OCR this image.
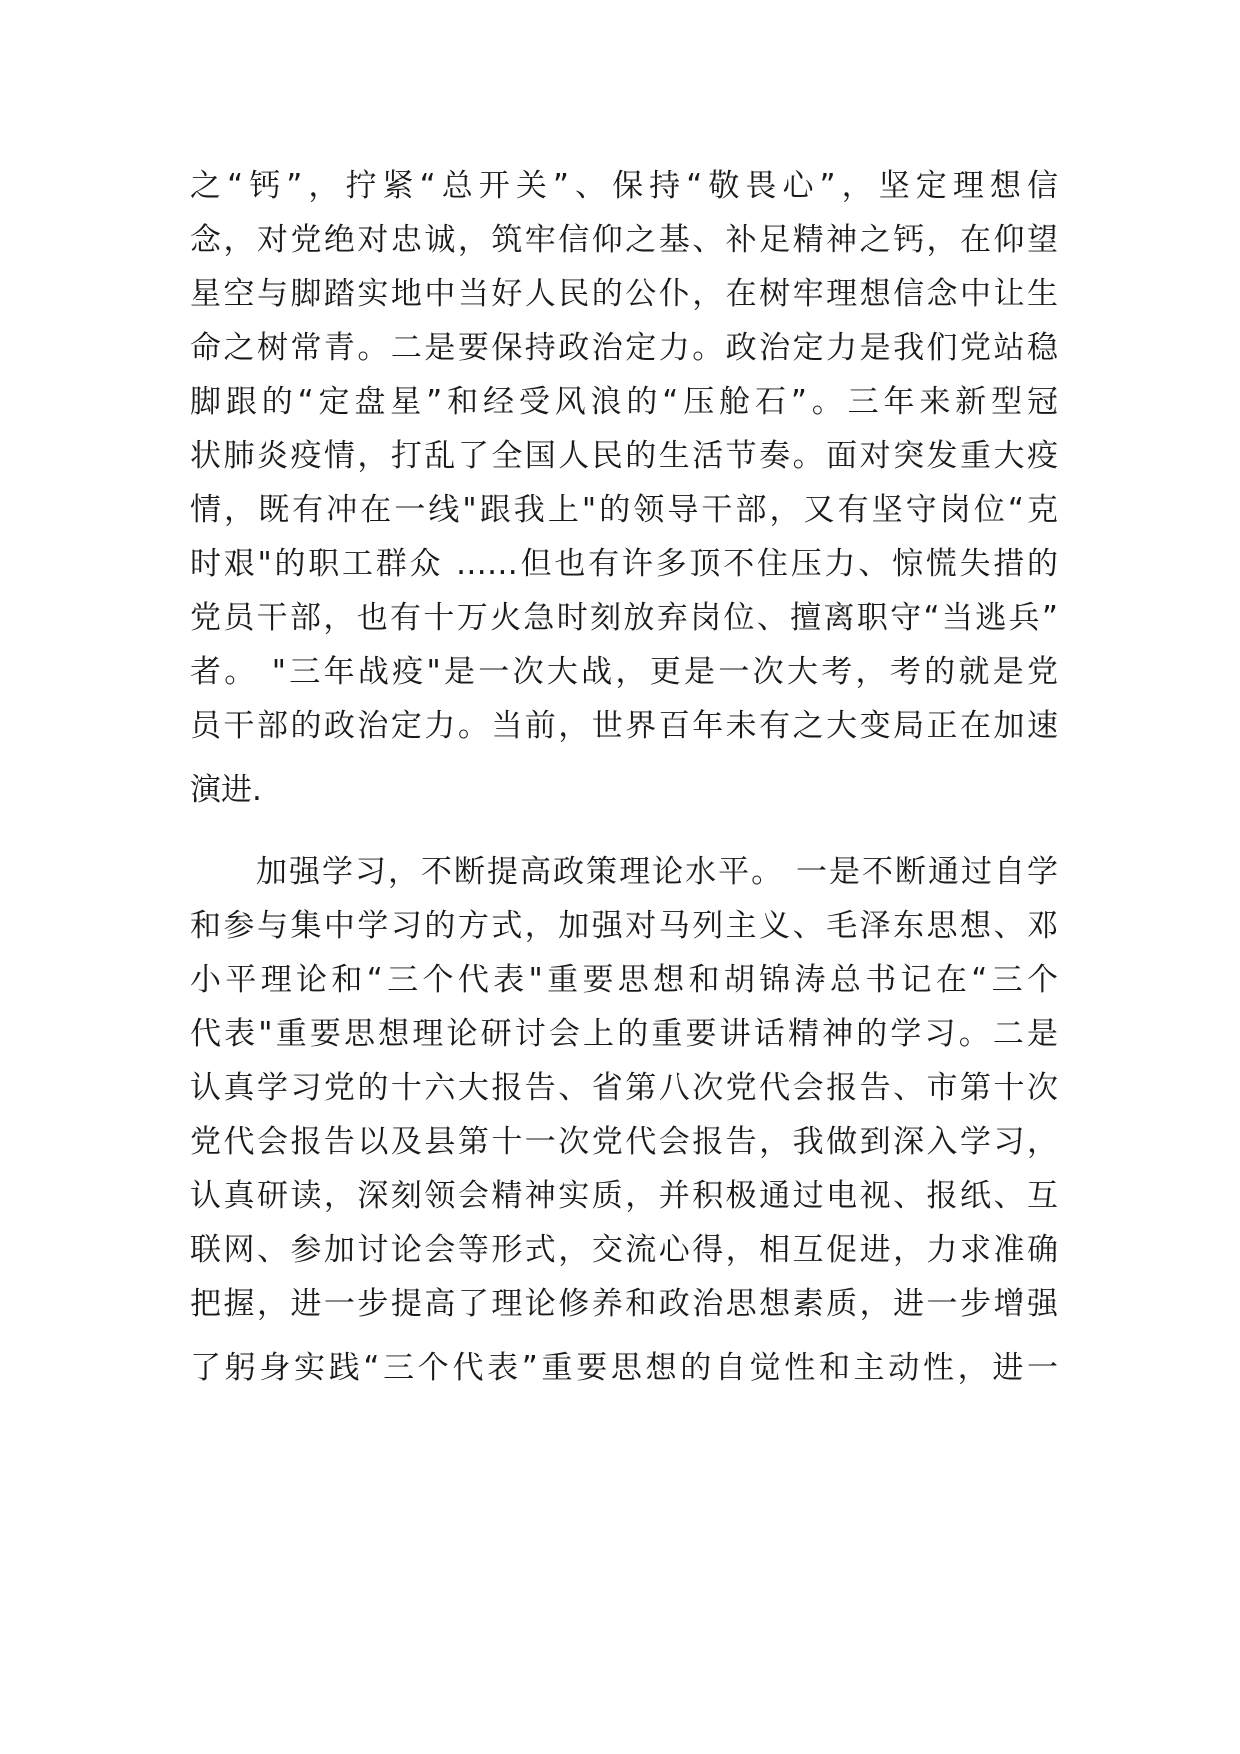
之“钙”，拧紧“总开关”、保持“敬畏心”，坚定理想信
念，对党绝对忠诚，筑牢信仰之基、补足精神之钙，在仰望
星空与脚踏实地中当好人民的公仆，在树牢理想信念中让生
命之树常青。二是要保持政治定力。政治定力是我们党站稳
脚跟的“定盘星”和经受风浪的“压舱石”。三年来新型冠
状肺炎疫情，打乱了全国人民的生活节奏。面对突发重大疫
情，既有冲在一线"跟我上"的领导干部，又有坚守岗位“克
时艰"的职工群众 ……但也有许多顶不住压力、惊慌失措的
党员干部，也有十万火急时刻放弃岗位、擅离职守“当逃兵”
者。 "三年战疫"是一次大战，更是一次大考，考的就是党
员干部的政治定力。当前，世界百年未有之大变局正在加速
演进.
加强学习，不断提高政策理论水平。 一是不断通过自学
和参与集中学习的方式，加强对马列主义、毛泽东思想、邓
小平理论和“三个代表"重要思想和胡锦涛总书记在“三个
代表"重要思想理论研讨会上的重要讲话精神的学习。二是
认真学习党的十六大报告、省第八次党代会报告、市第十次
党代会报告以及县第十一次党代会报告，我做到深入学习，
认真研读，深刻领会精神实质，并积极通过电视、报纸、互
联网、参加讨论会等形式，交流心得，相互促进，力求准确
把握，进一步提高了理论修养和政治思想素质，进一步增强
了躬身实践“三个代表”重要思想的自觉性和主动性，进一
